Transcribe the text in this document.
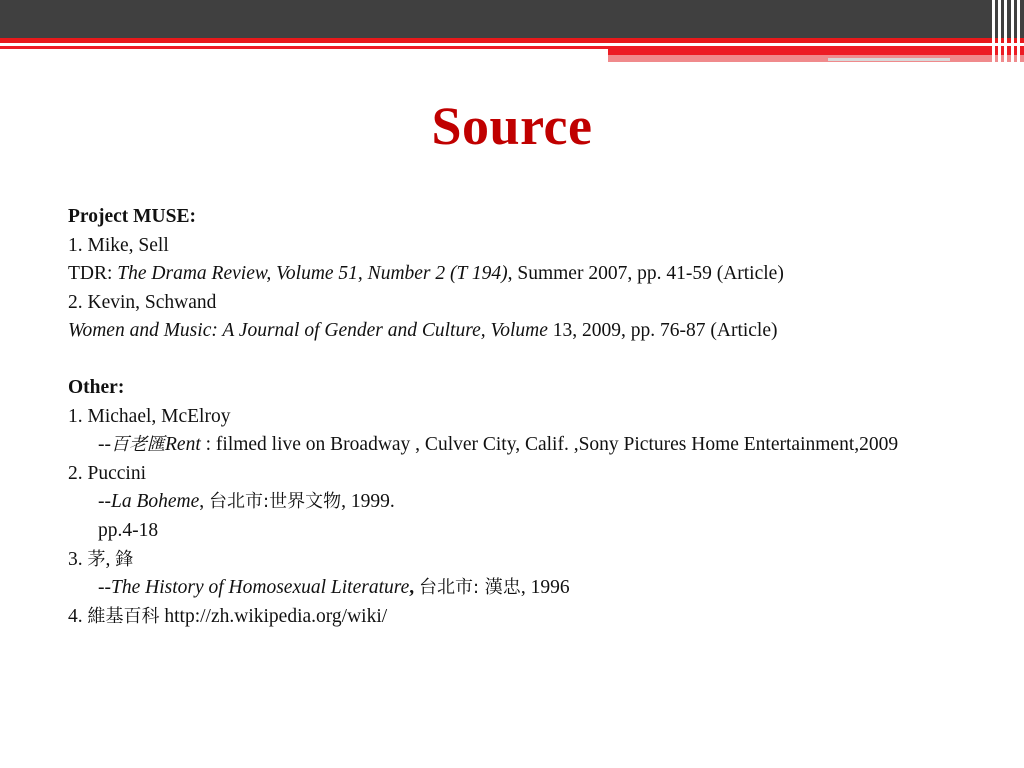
Source
Project MUSE:
1. Mike, Sell
TDR: The Drama Review, Volume 51, Number 2 (T 194), Summer 2007, pp. 41-59 (Article)
2. Kevin, Schwand
Women and Music: A Journal of Gender and Culture, Volume 13, 2009, pp. 76-87 (Article)
Other:
1. Michael, McElroy
--百老匯Rent : filmed live on Broadway , Culver City, Calif. ,Sony Pictures Home Entertainment,2009
2. Puccini
--La Boheme, 台北市:世界文物, 1999.
pp.4-18
3. 茅, 鋒
--The History of Homosexual Literature, 台北市: 漢忠, 1996
4. 維基百科 http://zh.wikipedia.org/wiki/
